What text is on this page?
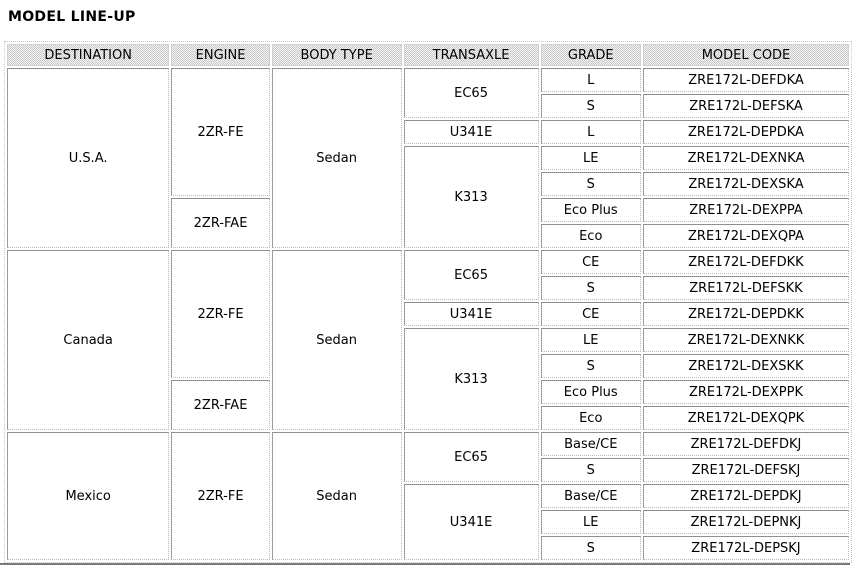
MODEL LINE-UP
DESTINATION	ENGINE	BODY TYPE	TRANSAXLE	GRADE	MODEL CODE
U.S.A.	2ZR-FE	Sedan	EC65	L	ZRE172L-DEFDKA
				S	ZRE172L-DEFSKA
			U341E	L	ZRE172L-DEPDKA
			K313	LE	ZRE172L-DEXNKA
				S	ZRE172L-DEXSKA
	2ZR-FAE			Eco Plus	ZRE172L-DEXPPA
				Eco	ZRE172L-DEXQPA
Canada	2ZR-FE	Sedan	EC65	CE	ZRE172L-DEFDKK
				S	ZRE172L-DEFSKK
			U341E	CE	ZRE172L-DEPDKK
			K313	LE	ZRE172L-DEXNKK
				S	ZRE172L-DEXSKK
	2ZR-FAE			Eco Plus	ZRE172L-DEXPPK
				Eco	ZRE172L-DEXQPK
Mexico	2ZR-FE	Sedan	EC65	Base/CE	ZRE172L-DEFDKJ
				S	ZRE172L-DEFSKJ
			U341E	Base/CE	ZRE172L-DEPDKJ
				LE	ZRE172L-DEPNKJ
				S	ZRE172L-DEPSKJ
